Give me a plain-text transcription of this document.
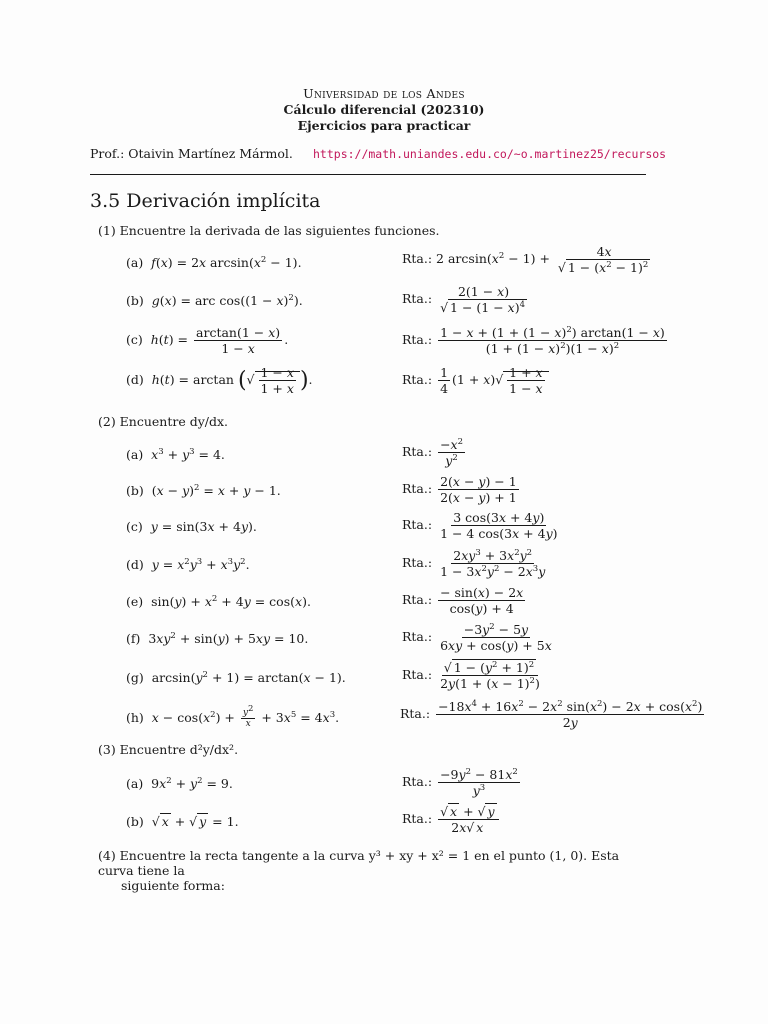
Universidad de los Andes
Cálculo diferencial (202310)
Ejercicios para practicar
Prof.: Otaivin Martínez Mármol. https://math.uniandes.edu.co/~o.martinez25/recursos
3.5 Derivación implícita
(1) Encuentre la derivada de las siguientes funciones.
(a)  f(x) = 2x $\arcsin(x^2 - 1)$.	Rta.: 2 $\arcsin(x^2 - 1) + \frac{4x}{√ 1 - (x^2 - 1)^2}$
(b)  g(x) = arc $\cos((1 - x)^2)$.	Rta.: $\frac{2(1 - x)}{√ 1 - (1 - x)^4}$
(c)  $h(t) = \frac{\arctan(1 - x)}{1 - x}$ .	Rta.: $\frac{1 - x + (1 + (1 - x)^2) \arctan(1 - x)}{(1 + (1 - x)^2)(1 - x)^2}$
(d)  h(t) = arctan (√ $\frac{1 - x}{1 + x}$ ).	Rta.: $\frac{1}{4} (1 + x)√ \frac{1 + x}{1 - x}$
(2) Encuentre dy/dx.
(a)  $x^3 + y^3 = 4$.	Rta.: $\frac{-x^2}{y^2}$
(b)  $(x - y)^2 = x + y - 1$.	Rta.: $\frac{2(x - y) - 1}{2(x - y) + 1}$
(c)  y = sin(3x + 4y).	Rta.: $\frac{3 \cos(3x + 4y)}{1 - 4 \cos(3x + 4y)}$
(d)  $y = x^2y^3 + x^3y^2$.	Rta.: $\frac{2xy^3 + 3x^2y^2}{1 - 3x^2y^2 - 2x^3y}$
(e)  $\sin(y) + x^2 + 4y = \cos(x)$.	Rta.: $\frac{- \sin(x) - 2x}{\cos(y) + 4}$
(f)  $3xy^2 + \sin(y) + 5xy = 10$.	Rta.: $\frac{-3y^2 - 5y}{6xy + \cos(y) + 5x}$
(g)  $\arcsin(y^2 + 1) = \arctan(x - 1)$.	Rta.: $\frac{√ 1 - (y^2 + 1)^2}{2y(1 + (x - 1)^2)}$
(h)  $x - \cos(x^2) + \frac{y^2}{x} + 3x^5 = 4x^3$.	Rta.: $\frac{-18x^4 + 16x^2 - 2x^2 \sin(x^2) - 2x + \cos(x^2)}{2y}$
(3) Encuentre d²y/dx².
(a)  $9x^2 + y^2 = 9$.	Rta.: $\frac{-9y^2 - 81x^2}{y^3}$
(b)  √ x + √ y = 1.	Rta.: $\frac{√ x + √ y}{2x√ x}$
(4) Encuentre la recta tangente a la curva y³ + xy + x² = 1 en el punto (1, 0). Esta curva tiene la
siguiente forma:
